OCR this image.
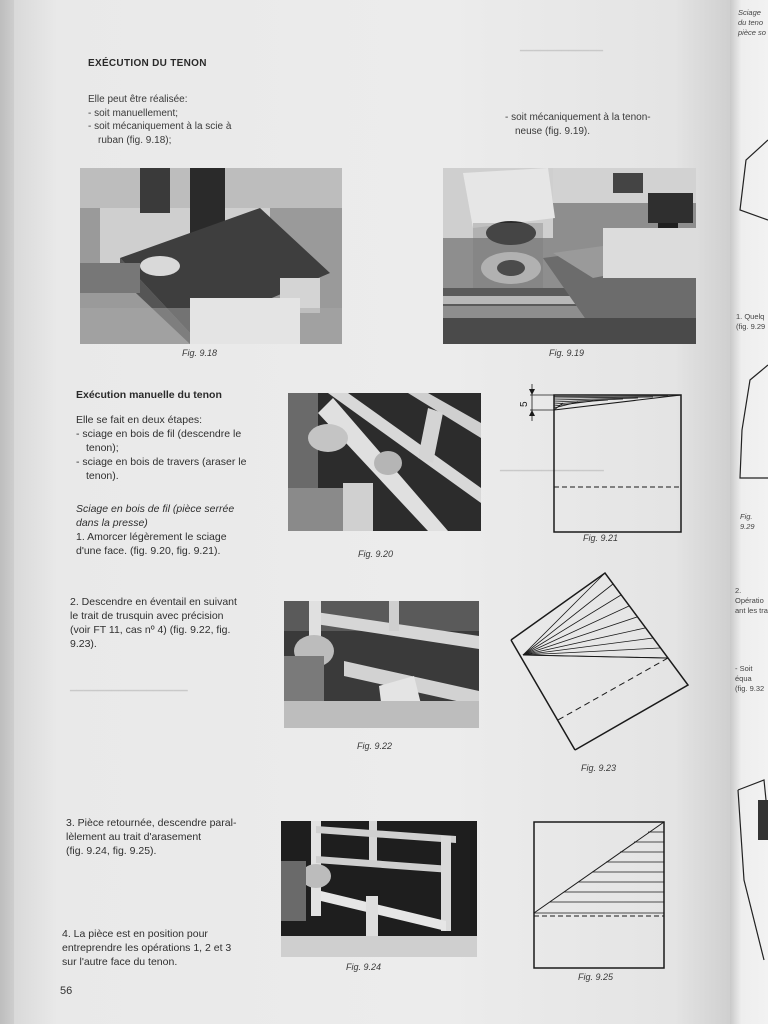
▁▁▁▁▁▁▁▁▁▁▁▁
▁▁▁▁▁▁▁▁▁▁▁▁▁▁▁
▁▁▁▁▁▁▁▁▁▁▁▁▁▁▁▁▁
EXÉCUTION DU TENON
Elle peut être réalisée:
- soit manuellement;
- soit mécaniquement à la scie à
ruban (fig. 9.18);
- soit mécaniquement à la tenon-
neuse (fig. 9.19).
Fig. 9.18	Fig. 9.19
Exécution manuelle du tenon
Elle se fait en deux étapes:
- sciage en bois de fil (descendre le
tenon);
- sciage en bois de travers (araser le
tenon).
Sciage en bois de fil (pièce serrée
dans la presse)
1. Amorcer légèrement le sciage
d'une face. (fig. 9.20, fig. 9.21).	Fig. 9.20
5
Fig. 9.21
2. Descendre en éventail en suivant
le trait de trusquin avec précision
(voir FT 11, cas nº 4) (fig. 9.22, fig.
9.23).
Fig. 9.22
Fig. 9.23
3. Pièce retournée, descendre paral-
lèlement au trait d'arasement
(fig. 9.24, fig. 9.25).
Fig. 9.24
Fig. 9.25
4. La pièce est en position pour
entreprendre les opérations 1, 2 et 3
sur l'autre face du tenon.
56
Sciage
du teno
pièce so
1. Quelq
(fig. 9.29
Fig. 9.29
2. Opératio
ant les tra
- Soit équa
(fig. 9.32
